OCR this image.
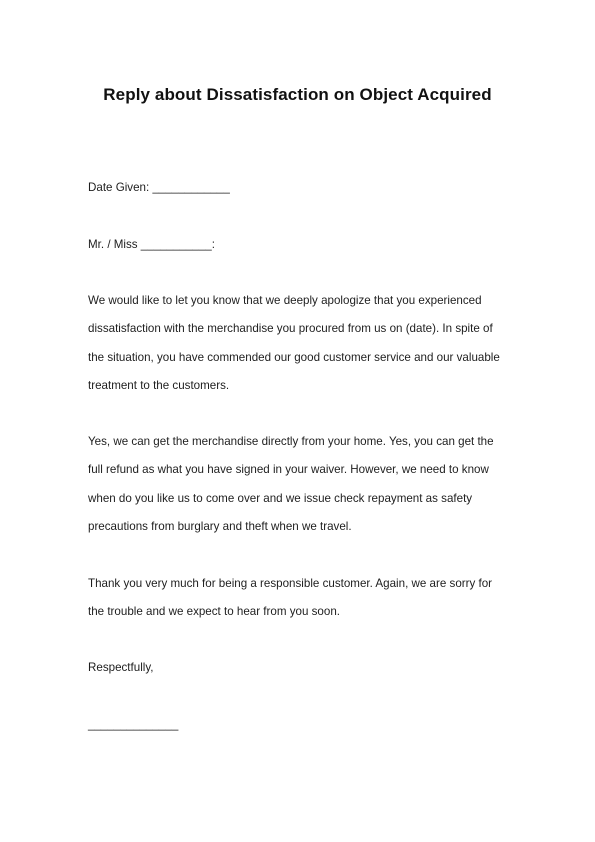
Reply about Dissatisfaction on Object Acquired
Date Given: ____________
Mr. / Miss ___________:
We would like to let you know that we deeply apologize that you experienced
dissatisfaction with the merchandise you procured from us on (date). In spite of
the situation, you have commended our good customer service and our valuable
treatment to the customers.
Yes, we can get the merchandise directly from your home. Yes, you can get the
full refund as what you have signed in your waiver. However, we need to know
when do you like us to come over and we issue check repayment as safety
precautions from burglary and theft when we travel.
Thank you very much for being a responsible customer. Again, we are sorry for
the trouble and we expect to hear from you soon.
Respectfully,
______________
